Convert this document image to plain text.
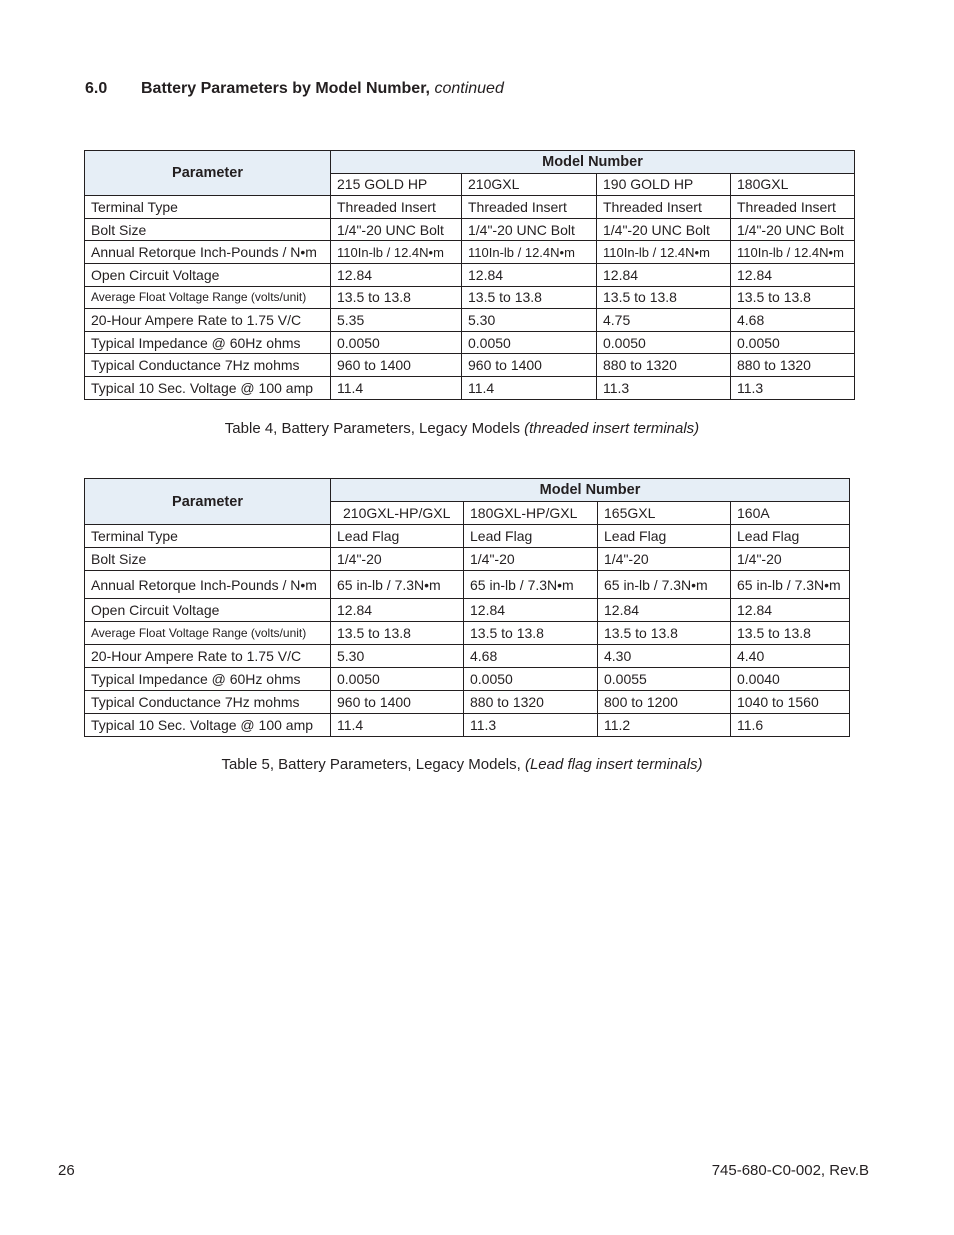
6.0 Battery Parameters by Model Number, continued
Parameter	Model Number			
	215 GOLD HP	210GXL	190 GOLD HP	180GXL
Terminal Type	Threaded Insert	Threaded Insert	Threaded Insert	Threaded Insert
Bolt Size	1/4"-20 UNC Bolt	1/4"-20 UNC Bolt	1/4"-20 UNC Bolt	1/4"-20 UNC Bolt
Annual Retorque Inch-Pounds / N•m	110In-lb / 12.4N•m	110In-lb / 12.4N•m	110In-lb / 12.4N•m	110In-lb / 12.4N•m
Open Circuit Voltage	12.84	12.84	12.84	12.84
Average Float Voltage Range (volts/unit)	13.5 to 13.8	13.5 to 13.8	13.5 to 13.8	13.5 to 13.8
20-Hour Ampere Rate to 1.75 V/C	5.35	5.30	4.75	4.68
Typical Impedance @ 60Hz ohms	0.0050	0.0050	0.0050	0.0050
Typical Conductance 7Hz mohms	960 to 1400	960 to 1400	880 to 1320	880 to 1320
Typical 10 Sec. Voltage @ 100 amp	11.4	11.4	11.3	11.3

Table 4, Battery Parameters, Legacy Models (threaded insert terminals)

Parameter	Model Number			
	210GXL-HP/GXL	180GXL-HP/GXL	165GXL	160A
Terminal Type	Lead Flag	Lead Flag	Lead Flag	Lead Flag
Bolt Size	1/4"-20	1/4"-20	1/4"-20	1/4"-20
Annual Retorque Inch-Pounds / N•m	65 in-lb / 7.3N•m	65 in-lb / 7.3N•m	65 in-lb / 7.3N•m	65 in-lb / 7.3N•m
Open Circuit Voltage	12.84	12.84	12.84	12.84
Average Float Voltage Range (volts/unit)	13.5 to 13.8	13.5 to 13.8	13.5 to 13.8	13.5 to 13.8
20-Hour Ampere Rate to 1.75 V/C	5.30	4.68	4.30	4.40
Typical Impedance @ 60Hz ohms	0.0050	0.0050	0.0055	0.0040
Typical Conductance 7Hz mohms	960 to 1400	880 to 1320	800 to 1200	1040 to 1560
Typical 10 Sec. Voltage @ 100 amp	11.4	11.3	11.2	11.6

Table 5, Battery Parameters, Legacy Models, (Lead flag insert terminals)

26	745-680-C0-002, Rev.B
